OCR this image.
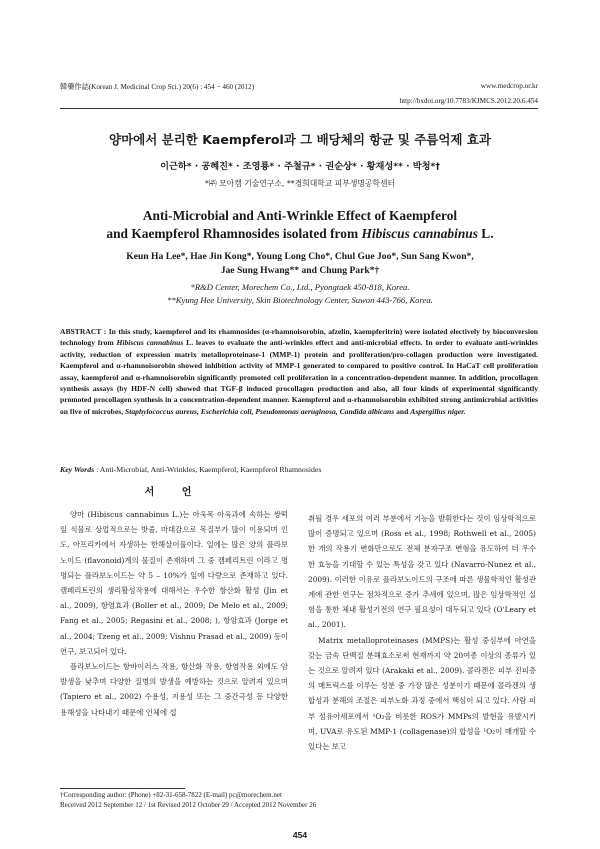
韓藥作誌(Korean J. Medicinal Crop Sci.) 20(6) : 454 − 460 (2012)	www.medcrop.or.kr
http://bxdoi.org/10.7783/KJMCS.2012.20.6.454
양마에서 분리한 Kaempferol과 그 배당체의 항균 및 주름억제 효과
이근하* · 공혜진* · 조영룡* · 주철규* · 권순상* · 황재성** · 박청*†
*㈜ 모아캠 기술연구소, **경희대학교 피부생명공학센터
Anti-Microbial and Anti-Wrinkle Effect of Kaempferol
and Kaempferol Rhamnosides isolated from Hibiscus cannabinus L.
Keun Ha Lee*, Hae Jin Kong*, Young Long Cho*, Chul Gue Joo*, Sun Sang Kwon*,
Jae Sung Hwang** and Chung Park*†
*R&D Center, Morechem Co., Ltd., Pyongtaek 450-818, Korea.
**Kyung Hee University, Skin Biotechnology Center, Suwon 443-766, Korea.
ABSTRACT : In this study, kaempferol and its rhamnosides (α-rhamnoisorobin, afzelin, kaempferitrin) were isolated electively by bioconversion technology from Hibiscus cannabinus L. leaves to evaluate the anti-wrinkles effect and anti-microbial effects. In order to evaluate anti-wrinkles activity, reduction of expression matrix metalloproteinase-1 (MMP-1) protein and proliferation/pro-collagen production were investigated. Kaempferol and α-rhamnoisorobin showed inhibition activity of MMP-1 generated to compared to positive control. In HaCaT cell proliferation assay, kaempferol and α-rhamnoisorobin significantly promoted cell proliferation in a concentration-dependent manner. In addition, procollagen synthesis assays (by HDF-N cell) showed that TGF-β induced procollagen production and also, all four kinds of experimental significantly promoted procollagen synthesis in a concentration-dependent manner. Kaempferol and α-rhamnoisorobin exhibited strong antimicrobial activities on five of microbes, Staphylococcus aureus, Escherichia coli, Pseudomonas aeruginosa, Candida albicans and Aspergillus niger.
Key Words : Anti-Microbial, Anti-Wrinkles, Kaempferol, Kaempferol Rhamnosides
서 언

양마 (Hibiscus cannabinus L.)는 아욱목 아욱과에 속하는 쌍떡잎 식물로 상업적으로는 밧줄, 마대감으로 목질부가 많이 이용되며 인도, 아프리카에서 자생하는 한해살이풀이다. 일에는 많은 양의 플라보노이드 (flavonoid)계의 물질이 존재하며 그 중 캠페리트린 이라고 명명되는 플라보노이드는 약 5 – 10%가 잎에 다량으로 존재하고 있다. 캠페리트린의 생리활성작용에 대해서는 우수한 항산화 활성 (Jin et al., 2009), 항염효과 (Boller et al., 2009; De Melo et al., 2009; Fang et al., 2005; Regasini et al., 2008; ), 항암효과 (Jorge et al., 2004; Tzeng et al., 2009; Vishnu Prasad et al., 2009) 등이 연구, 보고되어 있다.

플라보노이드는 항바이러스 작용, 항산화 작용, 항염작용 외에도 암 발생을 낮추며 다양한 질병의 발생을 예방하는 것으로 알려져 있으며 (Tapiero et al., 2002) 수용성, 지용성 또는 그 중간극성 등 다양한 용해성을 나타내기 때문에 인체에 섭

취될 경우 세포의 여러 부분에서 기능을 발휘한다는 것이 임상학적으로 많이 증명되고 있으며 (Ross et al., 1998; Rothwell et al., 2005) 한 개의 작용기 변화만으로도 전체 분자구조 변형을 유도하여 더 우수한 효능을 기대할 수 있는 특성을 갖고 있다 (Navarro-Nunez et al., 2009). 이러한 이유로 플라보노이드의 구조에 따른 생물학적인 활성관계에 관한 연구는 점차적으로 증가 추세에 있으며, 많은 임상학적인 실험을 통한 체내 활성기전의 연구 필요성이 대두되고 있다 (O'Leary et al., 2001).

Matrix metalloproteinases (MMPS)는 활성 중심부에 아연을 갖는 금속 단백질 분해효소로써 현재까지 약 20여종 이상의 종류가 있는 것으로 알려져 있다 (Arakaki et al., 2009). 콜라겐은 피부 진피층의 매트릭스를 이루는 성분 중 가장 많은 성분이기 때문에 콜라겐의 생합성과 분해의 조절은 피부노화 과정 중에서 핵심이 되고 있다. 사람 피부 섬유아세포에서 ¹O₂을 비롯한 ROS가 MMPs의 발현을 유발시키며, UVA로 유도된 MMP-1 (collagenase)의 합성을 ¹O₂이 매개할 수 있다는 보고

†Corresponding author: (Phone) +82-31-658-7822 (E-mail) pc@morechem.net
Received 2012 September 12 / 1st Revised 2012 October 29 / Accepted 2012 November 26
454
